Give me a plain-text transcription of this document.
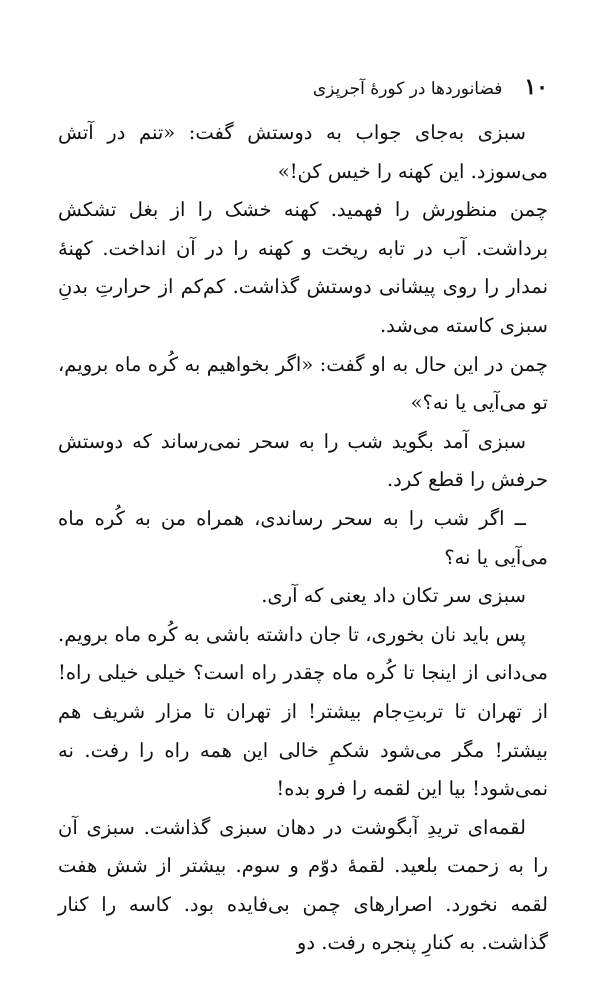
۱۰
فضانوردها در کورهٔ آجرپزی

سبزی به‌جای جواب به دوستش گفت: «تنم در آتش می‌سوزد. این کهنه را خیس کن!»

چمن منظورش را فهمید. کهنه خشک را از بغل تشکش برداشت. آب در تابه ریخت و کهنه را در آن انداخت. کهنهٔ نمدار را روی پیشانی دوستش گذاشت. کم‌کم از حرارتِ بدنِ سبزی کاسته می‌شد.

چمن در این حال به او گفت: «اگر بخواهیم به کُره ماه برویم، تو می‌آیی یا نه؟»

سبزی آمد بگوید شب را به سحر نمی‌رساند که دوستش حرفش را قطع کرد.

ــ اگر شب را به سحر رساندی، همراه من به کُره ماه می‌آیی یا نه؟

سبزی سر تکان داد یعنی که آری.

پس باید نان بخوری، تا جان داشته باشی به کُره ماه برویم. می‌دانی از اینجا تا کُره ماه چقدر راه است؟ خیلی خیلی راه! از تهران تا تربتِ‌جام بیشتر! از تهران تا مزار شریف هم بیشتر! مگر می‌شود شکمِ خالی این همه راه را رفت. نه نمی‌شود! بیا این لقمه را فرو بده!

لقمه‌ای تریدِ آبگوشت در دهان سبزی گذاشت. سبزی آن را به زحمت بلعید. لقمهٔ دوّم و سوم. بیشتر از شش هفت لقمه نخورد. اصرارهای چمن بی‌فایده بود. کاسه را کنار گذاشت. به کنارِ پنجره رفت. دو
